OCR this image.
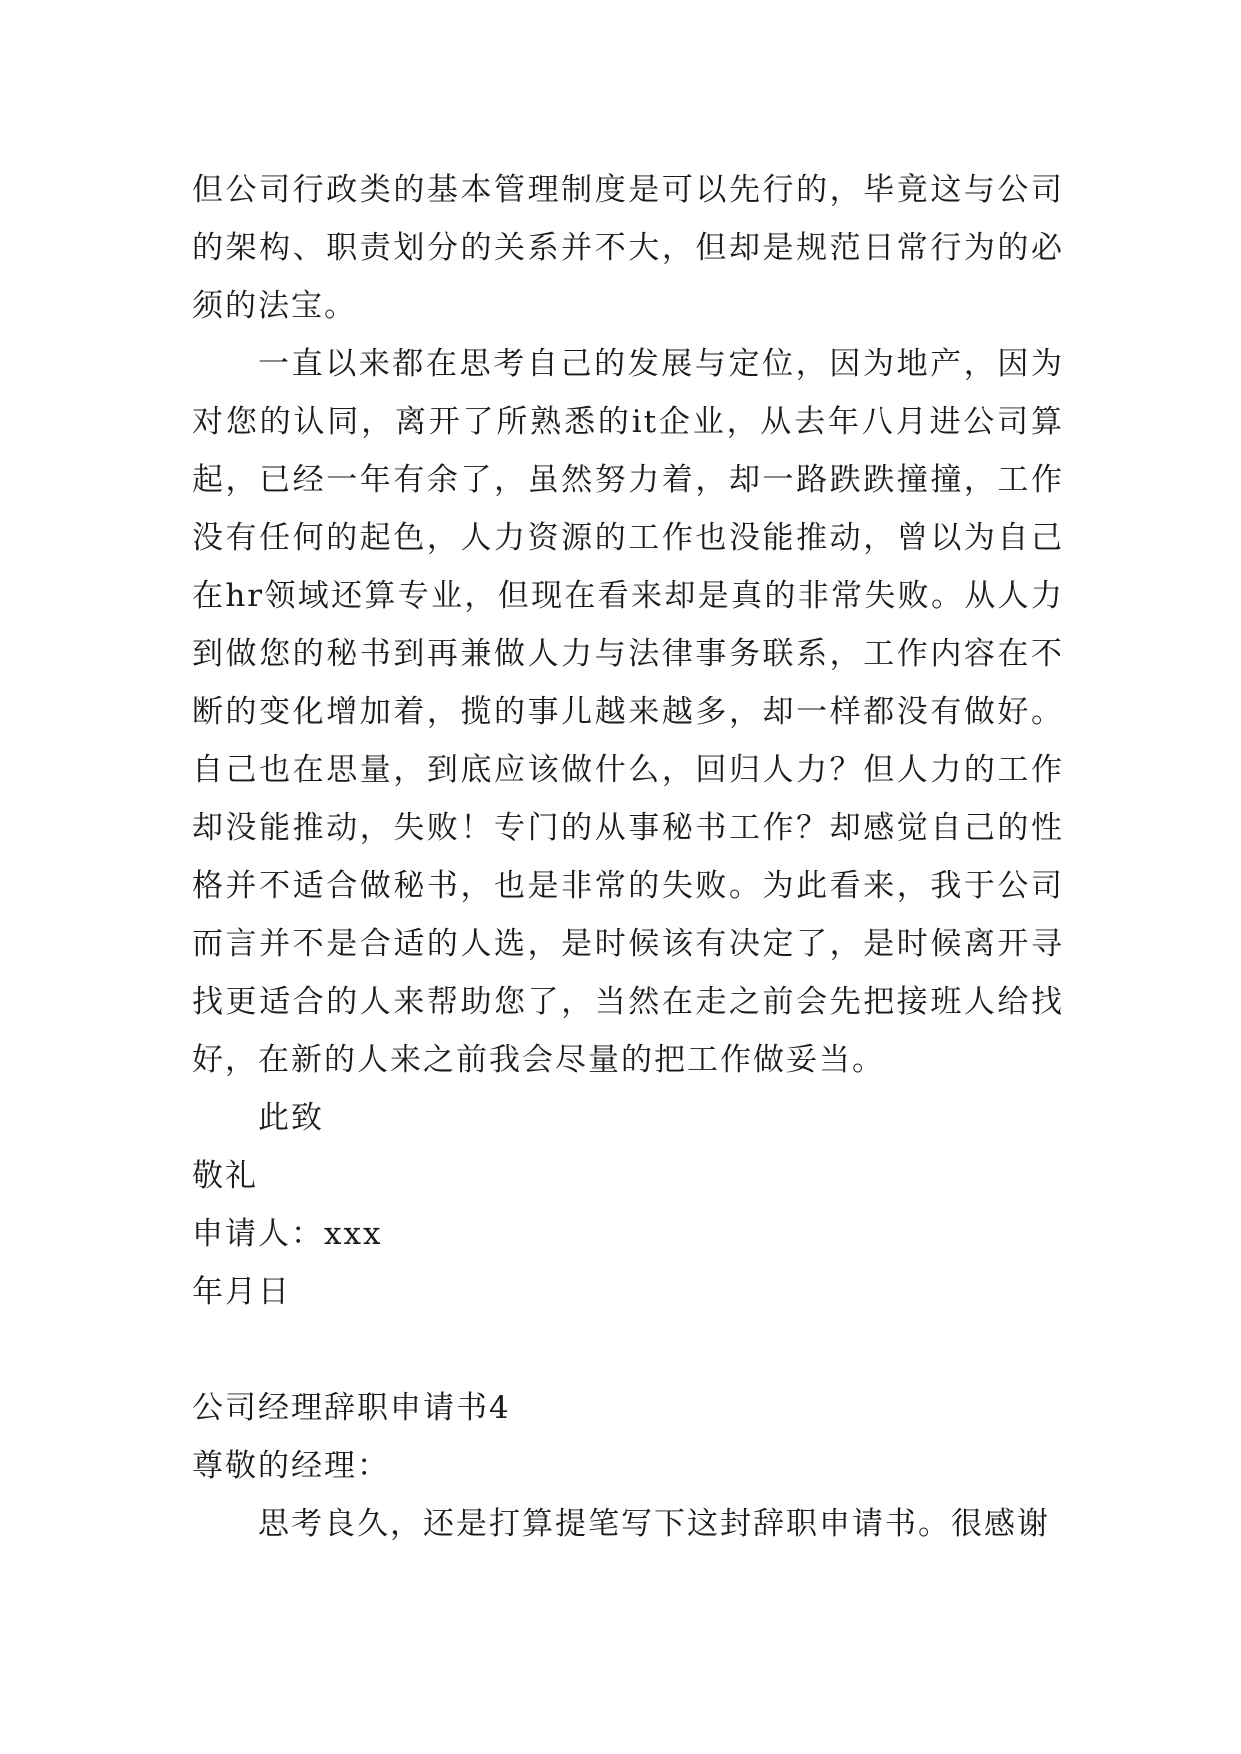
但公司行政类的基本管理制度是可以先行的，毕竟这与公司的架构、职责划分的关系并不大，但却是规范日常行为的必须的法宝。

一直以来都在思考自己的发展与定位，因为地产，因为对您的认同，离开了所熟悉的it企业，从去年八月进公司算起，已经一年有余了，虽然努力着，却一路跌跌撞撞，工作没有任何的起色，人力资源的工作也没能推动，曾以为自己在hr领域还算专业，但现在看来却是真的非常失败。从人力到做您的秘书到再兼做人力与法律事务联系，工作内容在不断的变化增加着，揽的事儿越来越多，却一样都没有做好。自己也在思量，到底应该做什么，回归人力？但人力的工作却没能推动，失败！专门的从事秘书工作？却感觉自己的性格并不适合做秘书，也是非常的失败。为此看来，我于公司而言并不是合适的人选，是时候该有决定了，是时候离开寻找更适合的人来帮助您了，当然在走之前会先把接班人给找好，在新的人来之前我会尽量的把工作做妥当。

此致

敬礼

申请人：xxx

年月日

公司经理辞职申请书4

尊敬的经理：

思考良久，还是打算提笔写下这封辞职申请书。很感谢
